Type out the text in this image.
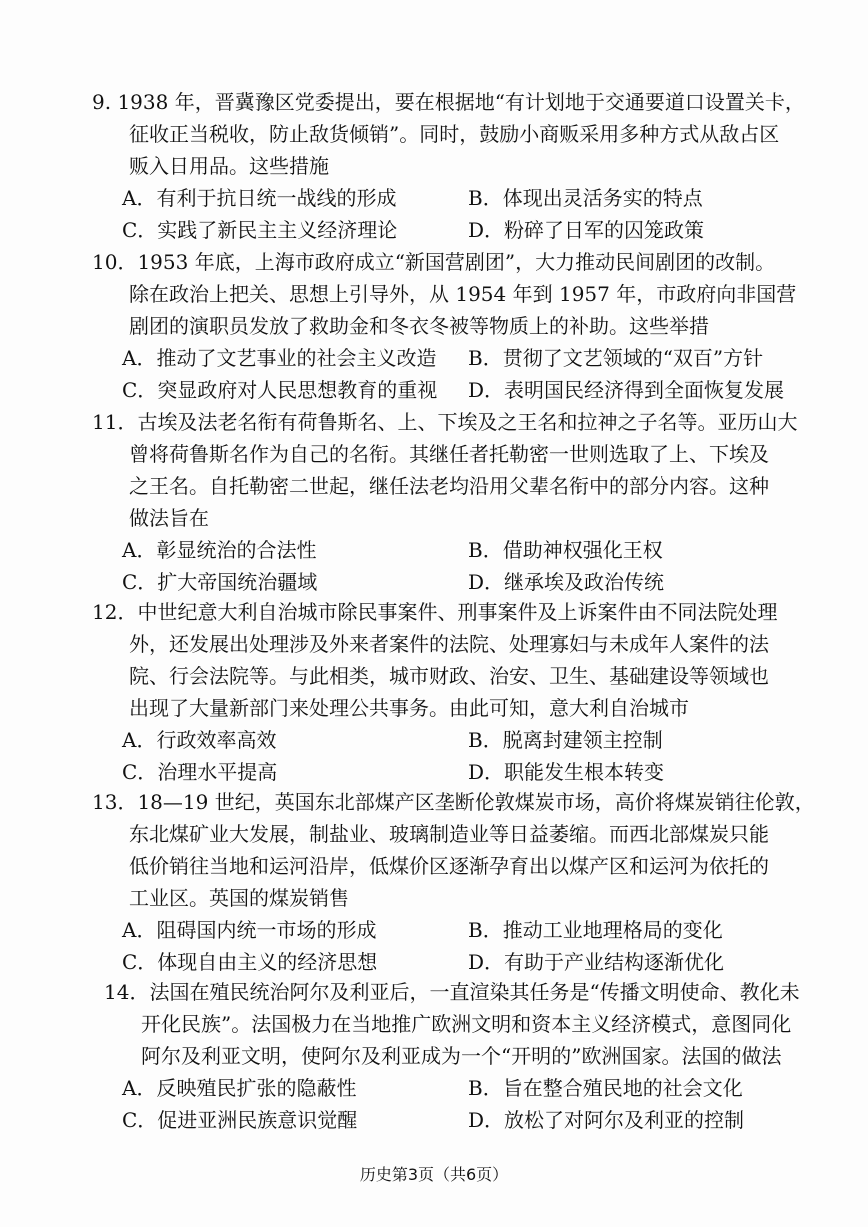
9. 1938 年，晋冀豫区党委提出，要在根据地“有计划地于交通要道口设置关卡，
征收正当税收，防止敌货倾销”。同时，鼓励小商贩采用多种方式从敌占区
贩入日用品。这些措施
A．有利于抗日统一战线的形成	B．体现出灵活务实的特点
C．实践了新民主主义经济理论	D．粉碎了日军的囚笼政策
10．1953 年底，上海市政府成立“新国营剧团”，大力推动民间剧团的改制。
除在政治上把关、思想上引导外，从 1954 年到 1957 年，市政府向非国营
剧团的演职员发放了救助金和冬衣冬被等物质上的补助。这些举措
A．推动了文艺事业的社会主义改造 B．贯彻了文艺领域的“双百”方针
C．突显政府对人民思想教育的重视 D．表明国民经济得到全面恢复发展
11．古埃及法老名衔有荷鲁斯名、上、下埃及之王名和拉神之子名等。亚历山大
曾将荷鲁斯名作为自己的名衔。其继任者托勒密一世则选取了上、下埃及
之王名。自托勒密二世起，继任法老均沿用父辈名衔中的部分内容。这种
做法旨在
A．彰显统治的合法性	B．借助神权强化王权
C．扩大帝国统治疆域	D．继承埃及政治传统
12．中世纪意大利自治城市除民事案件、刑事案件及上诉案件由不同法院处理
外，还发展出处理涉及外来者案件的法院、处理寡妇与未成年人案件的法
院、行会法院等。与此相类，城市财政、治安、卫生、基础建设等领域也
出现了大量新部门来处理公共事务。由此可知，意大利自治城市
A．行政效率高效	B．脱离封建领主控制
C．治理水平提高	D．职能发生根本转变
13．18—19 世纪，英国东北部煤产区垄断伦敦煤炭市场，高价将煤炭销往伦敦，
东北煤矿业大发展，制盐业、玻璃制造业等日益萎缩。而西北部煤炭只能
低价销往当地和运河沿岸，低煤价区逐渐孕育出以煤产区和运河为依托的
工业区。英国的煤炭销售
A．阻碍国内统一市场的形成	B．推动工业地理格局的变化
C．体现自由主义的经济思想	D．有助于产业结构逐渐优化
14．法国在殖民统治阿尔及利亚后，一直渲染其任务是“传播文明使命、教化未
开化民族”。法国极力在当地推广欧洲文明和资本主义经济模式，意图同化
阿尔及利亚文明，使阿尔及利亚成为一个“开明的”欧洲国家。法国的做法
A．反映殖民扩张的隐蔽性	B．旨在整合殖民地的社会文化
C．促进亚洲民族意识觉醒	D．放松了对阿尔及利亚的控制
历史第3页（共6页）
